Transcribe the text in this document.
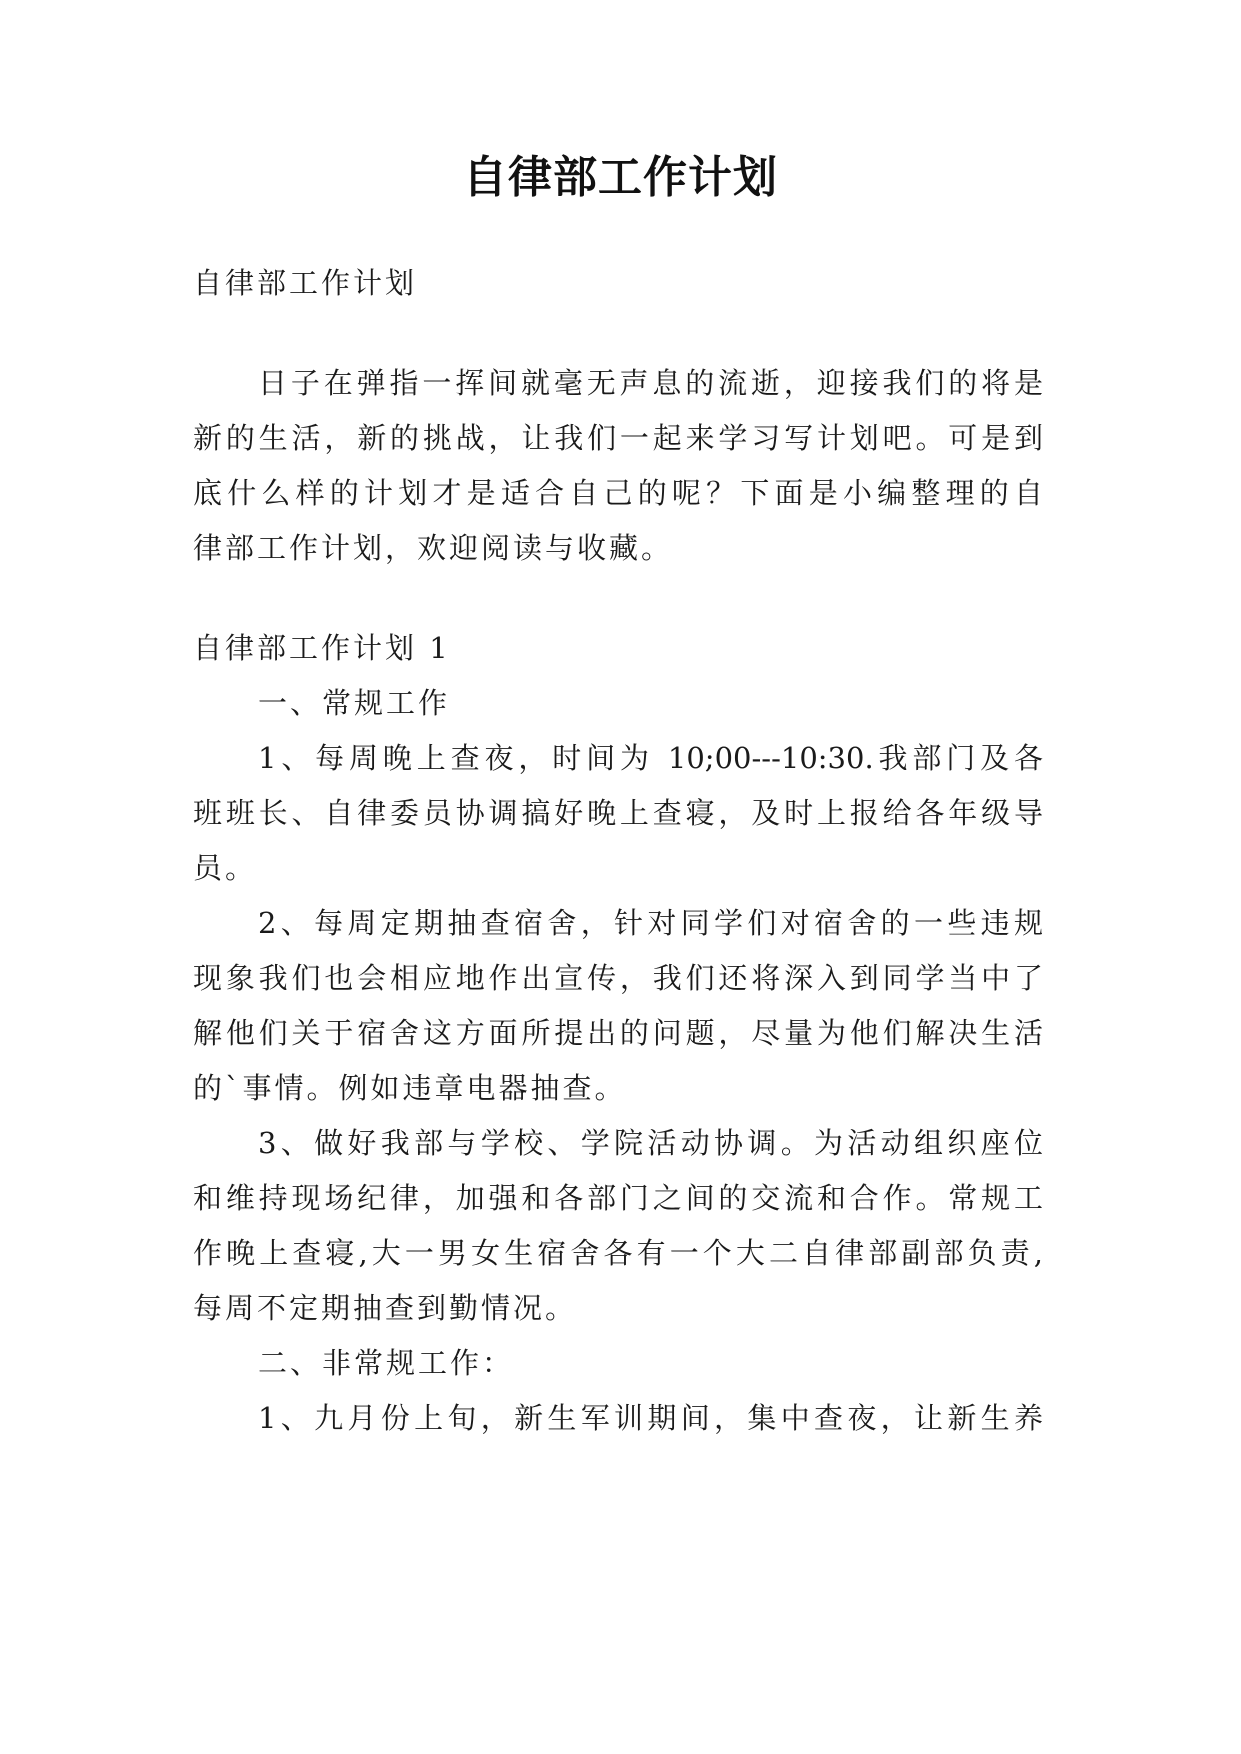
自律部工作计划

自律部工作计划

日子在弹指一挥间就毫无声息的流逝，迎接我们的将是

新的生活，新的挑战，让我们一起来学习写计划吧。可是到

底什么样的计划才是适合自己的呢？下面是小编整理的自

律部工作计划，欢迎阅读与收藏。

自律部工作计划 1

一、常规工作

1、每周晚上查夜，时间为 10;00---10:30.我部门及各

班班长、自律委员协调搞好晚上查寝，及时上报给各年级导

员。

2、每周定期抽查宿舍，针对同学们对宿舍的一些违规

现象我们也会相应地作出宣传，我们还将深入到同学当中了

解他们关于宿舍这方面所提出的问题，尽量为他们解决生活

的`事情。例如违章电器抽查。

3、做好我部与学校、学院活动协调。为活动组织座位

和维持现场纪律，加强和各部门之间的交流和合作。常规工

作晚上查寝,大一男女生宿舍各有一个大二自律部副部负责,

每周不定期抽查到勤情况。

二、非常规工作：

1、九月份上旬，新生军训期间，集中查夜，让新生养
